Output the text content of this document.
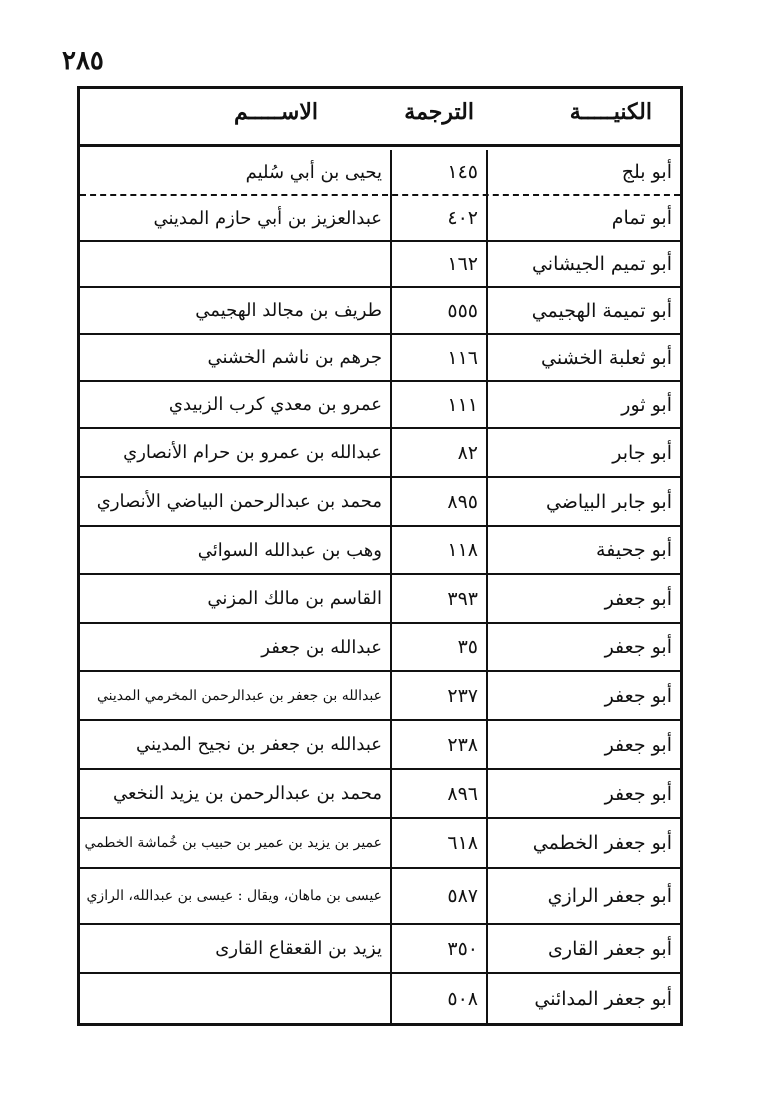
٢٨٥
الكنيـــــة
الترجمة
الاســـــم
أبو بلج
١٤٥
يحيى بن أبي سُليم
أبو تمام
٤٠٢
عبدالعزيز بن أبي حازم المديني
أبو تميم الجيشاني
١٦٢
أبو تميمة الهجيمي
٥٥٥
طريف بن مجالد الهجيمي
أبو ثعلبة الخشني
١١٦
جرهم بن ناشم الخشني
أبو ثور
١١١
عمرو بن معدي كرب الزبيدي
أبو جابر
٨٢
عبدالله بن عمرو بن حرام الأنصاري
أبو جابر البياضي
٨٩٥
محمد بن عبدالرحمن البياضي الأنصاري
أبو جحيفة
١١٨
وهب بن عبدالله السوائي
أبو جعفر
٣٩٣
القاسم بن مالك المزني
أبو جعفر
٣٥
عبدالله بن جعفر
أبو جعفر
٢٣٧
عبدالله بن جعفر بن عبدالرحمن المخرمي المديني
أبو جعفر
٢٣٨
عبدالله بن جعفر بن نجيح المديني
أبو جعفر
٨٩٦
محمد بن عبدالرحمن بن يزيد النخعي
أبو جعفر الخطمي
٦١٨
عمير بن يزيد بن عمير بن حبيب بن خُماشة الخطمي
أبو جعفر الرازي
٥٨٧
عيسى بن ماهان، ويقال : عيسى بن عبدالله، الرازي
أبو جعفر القارى
٣٥٠
يزيد بن القعقاع القارى
أبو جعفر المدائني
٥٠٨
